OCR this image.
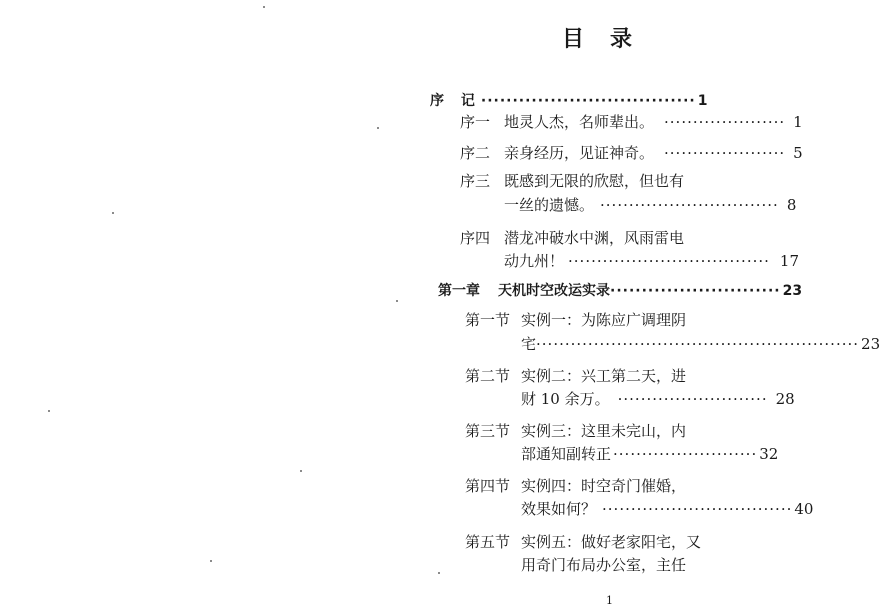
目录
序 记·································· 1
序一 地灵人杰，名师辈出。 ····················· 1
序二 亲身经历，见证神奇。 ····················· 5
序三 既感到无限的欣慰，但也有
一丝的遗憾。 ······························· 8
序四 潜龙冲破水中渊，风雨雷电
动九州！ ··································· 17
第一章 天机时空改运实录··························· 23
第一节 实例一：为陈应广调理阴
宅························································ 23
第二节 实例二：兴工第二天，进
财 10 余万。 ·························· 28
第三节 实例三：这里未完山，内
部通知副转正 ························· 32
第四节 实例四：时空奇门催婚，
效果如何？ ································· 40
第五节 实例五：做好老家阳宅，又
用奇门布局办公室，主任
1
